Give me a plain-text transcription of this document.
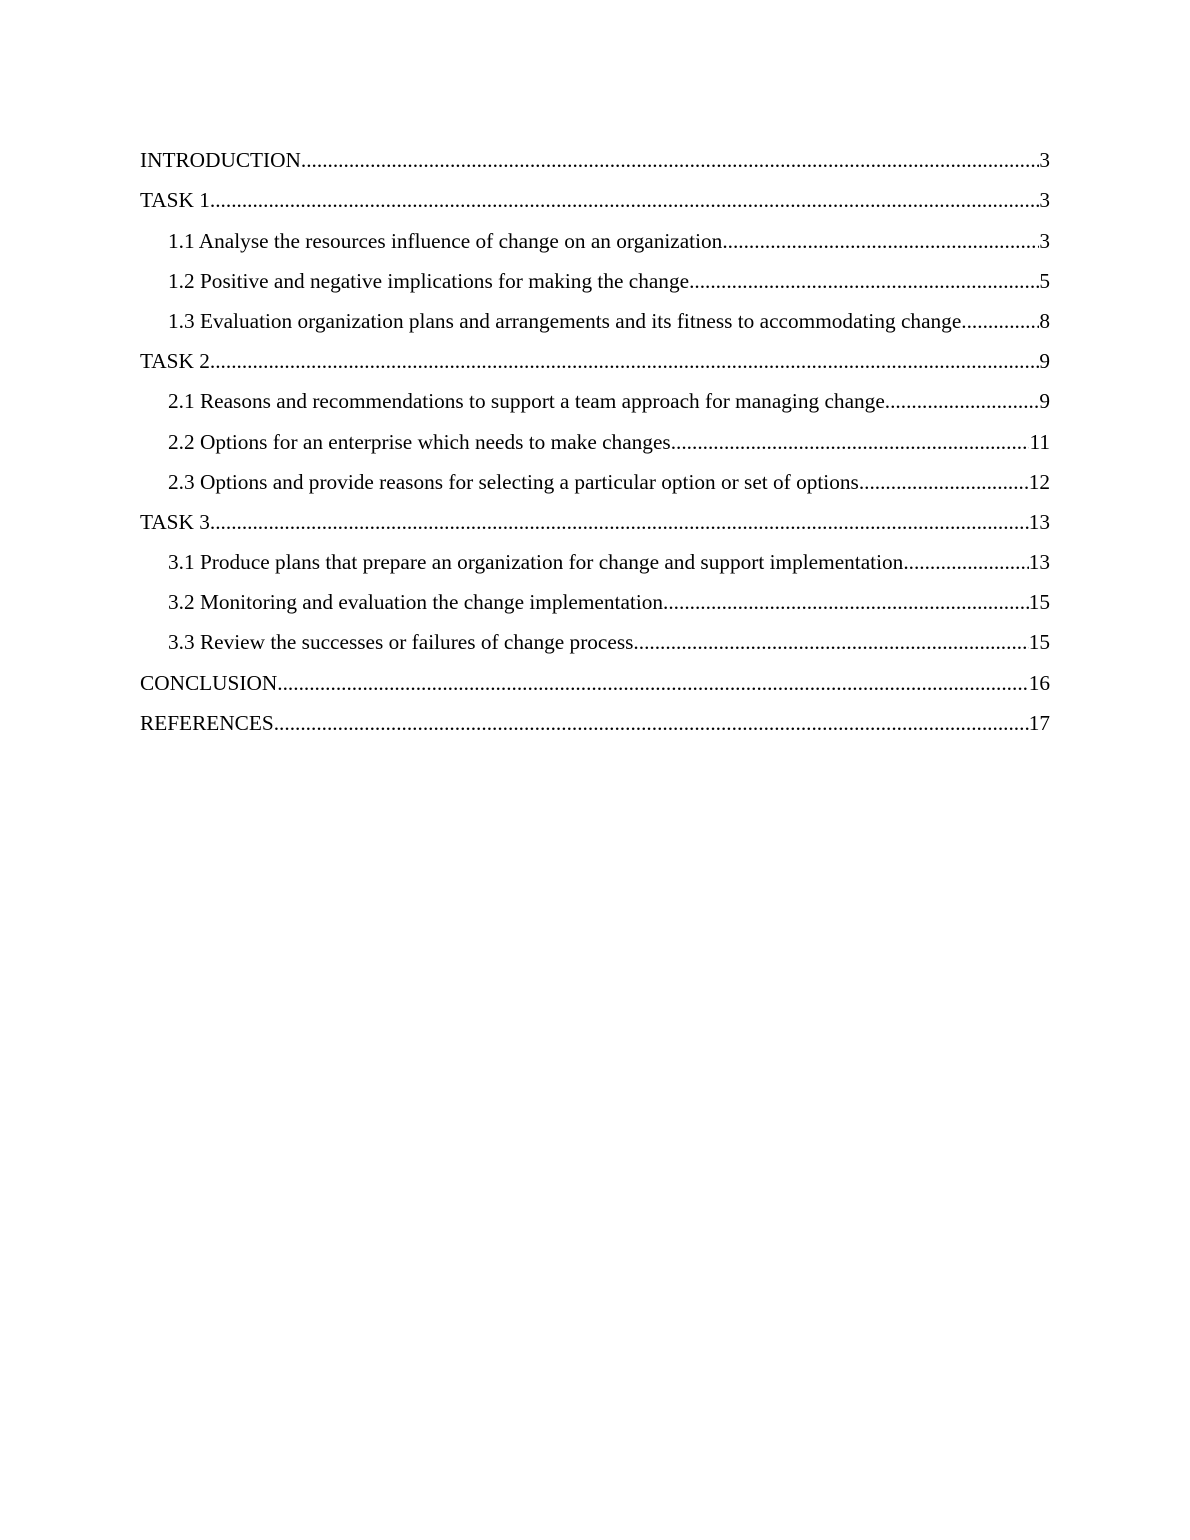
INTRODUCTION .....	3
TASK 1 .....	3
1.1 Analyse the resources influence of change on an organization .....	3
1.2 Positive and negative implications for making the change .....	5
1.3 Evaluation organization plans and arrangements and its fitness to accommodating change .....	8
TASK 2 .....	9
2.1 Reasons and recommendations to support a team approach for managing change .....	9
2.2 Options for an enterprise which needs to make changes .....	11
2.3 Options and provide reasons for selecting a particular option or set of options .....	12
TASK 3 .....	13
3.1 Produce plans that prepare an organization for change and support implementation .....	13
3.2 Monitoring and evaluation the change implementation .....	15
3.3 Review the successes or failures of change process .....	15
CONCLUSION .....	16
REFERENCES .....	17
